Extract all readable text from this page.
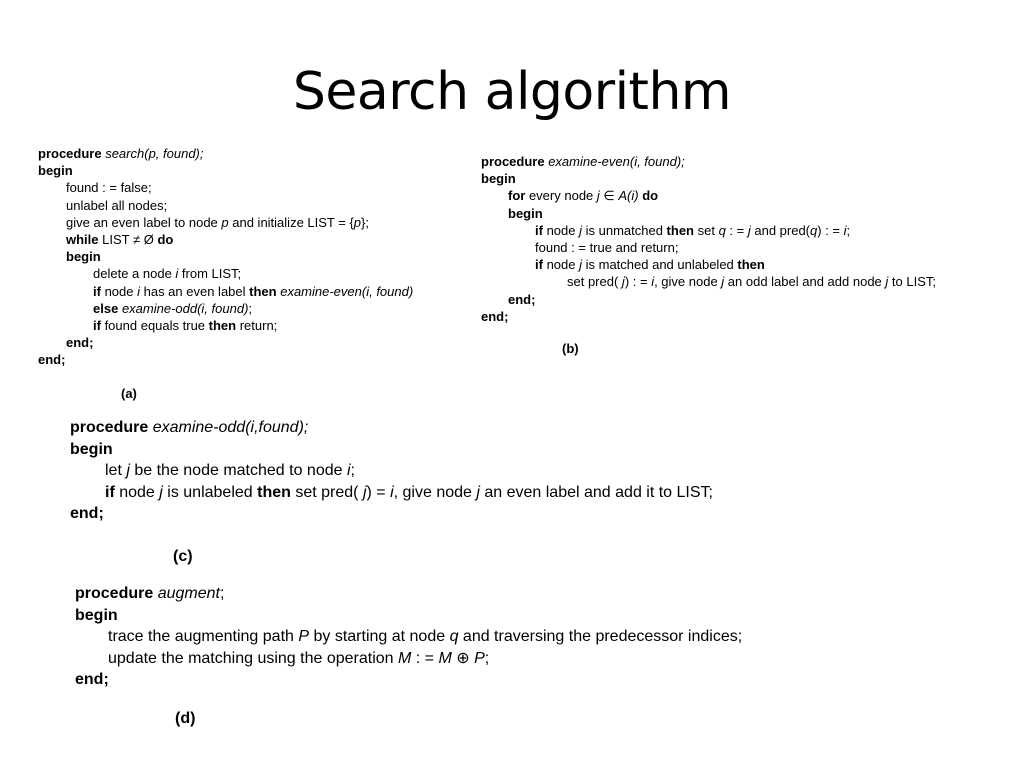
Search algorithm
procedure search(p, found);
begin
found : = false;
unlabel all nodes;
give an even label to node p and initialize LIST = {p};
while LIST ≠ Ø do
begin
delete a node i from LIST;
if node i has an even label then examine-even(i, found)
else examine-odd(i, found);
if found equals true then return;
end;
end;
(a)
procedure examine-even(i, found);
begin
for every node j ∈ A(i) do
begin
if node j is unmatched then set q : = j and pred(q) : = i;
found : = true and return;
if node j is matched and unlabeled then
set pred( j) : = i, give node j an odd label and add node j to LIST;
end;
end;
(b)
procedure examine-odd(i,found);
begin
let j be the node matched to node i;
if node j is unlabeled then set pred( j) = i, give node j an even label and add it to LIST;
end;
(c)
procedure augment;
begin
trace the augmenting path P by starting at node q and traversing the predecessor indices;
update the matching using the operation M : = M ⊕ P;
end;
(d)
